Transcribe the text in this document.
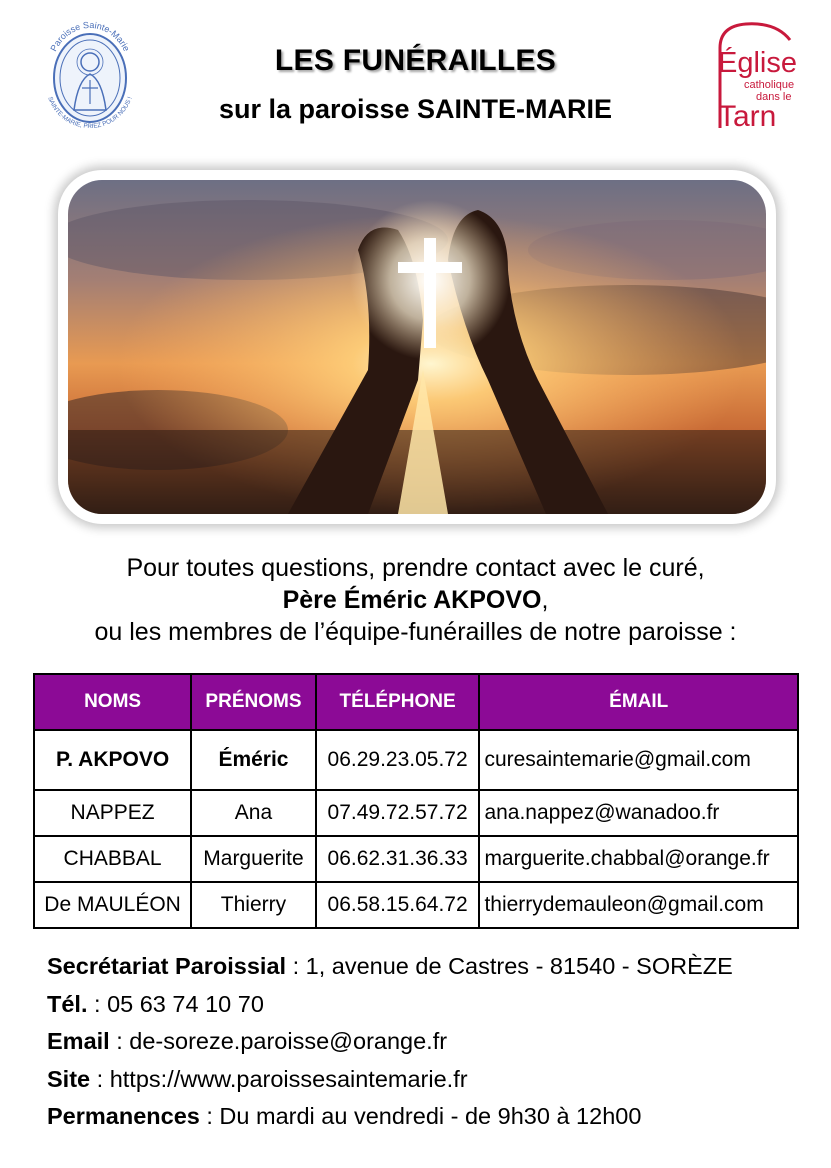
Paroisse Sainte-Marie
SAINTE-MARIE, PRIEZ POUR NOUS !
Église
catholique
dans le
Tarn
LES FUNÉRAILLES
sur la paroisse SAINTE-MARIE
Pour toutes questions, prendre contact avec le curé,
Père Éméric AKPOVO,
ou les membres de l’équipe-funérailles de notre paroisse :
NOMS	PRÉNOMS	TÉLÉPHONE	ÉMAIL
P. AKPOVO	Éméric	06.29.23.05.72	curesaintemarie@gmail.com
NAPPEZ	Ana	07.49.72.57.72	ana.nappez@wanadoo.fr
CHABBAL	Marguerite	06.62.31.36.33	marguerite.chabbal@orange.fr
De MAULÉON	Thierry	06.58.15.64.72	thierrydemauleon@gmail.com
Secrétariat Paroissial : 1, avenue de Castres - 81540 - SORÈZE
Tél. : 05 63 74 10 70
Email : de-soreze.paroisse@orange.fr
Site : https://www.paroissesaintemarie.fr
Permanences : Du mardi au vendredi - de 9h30 à 12h00
